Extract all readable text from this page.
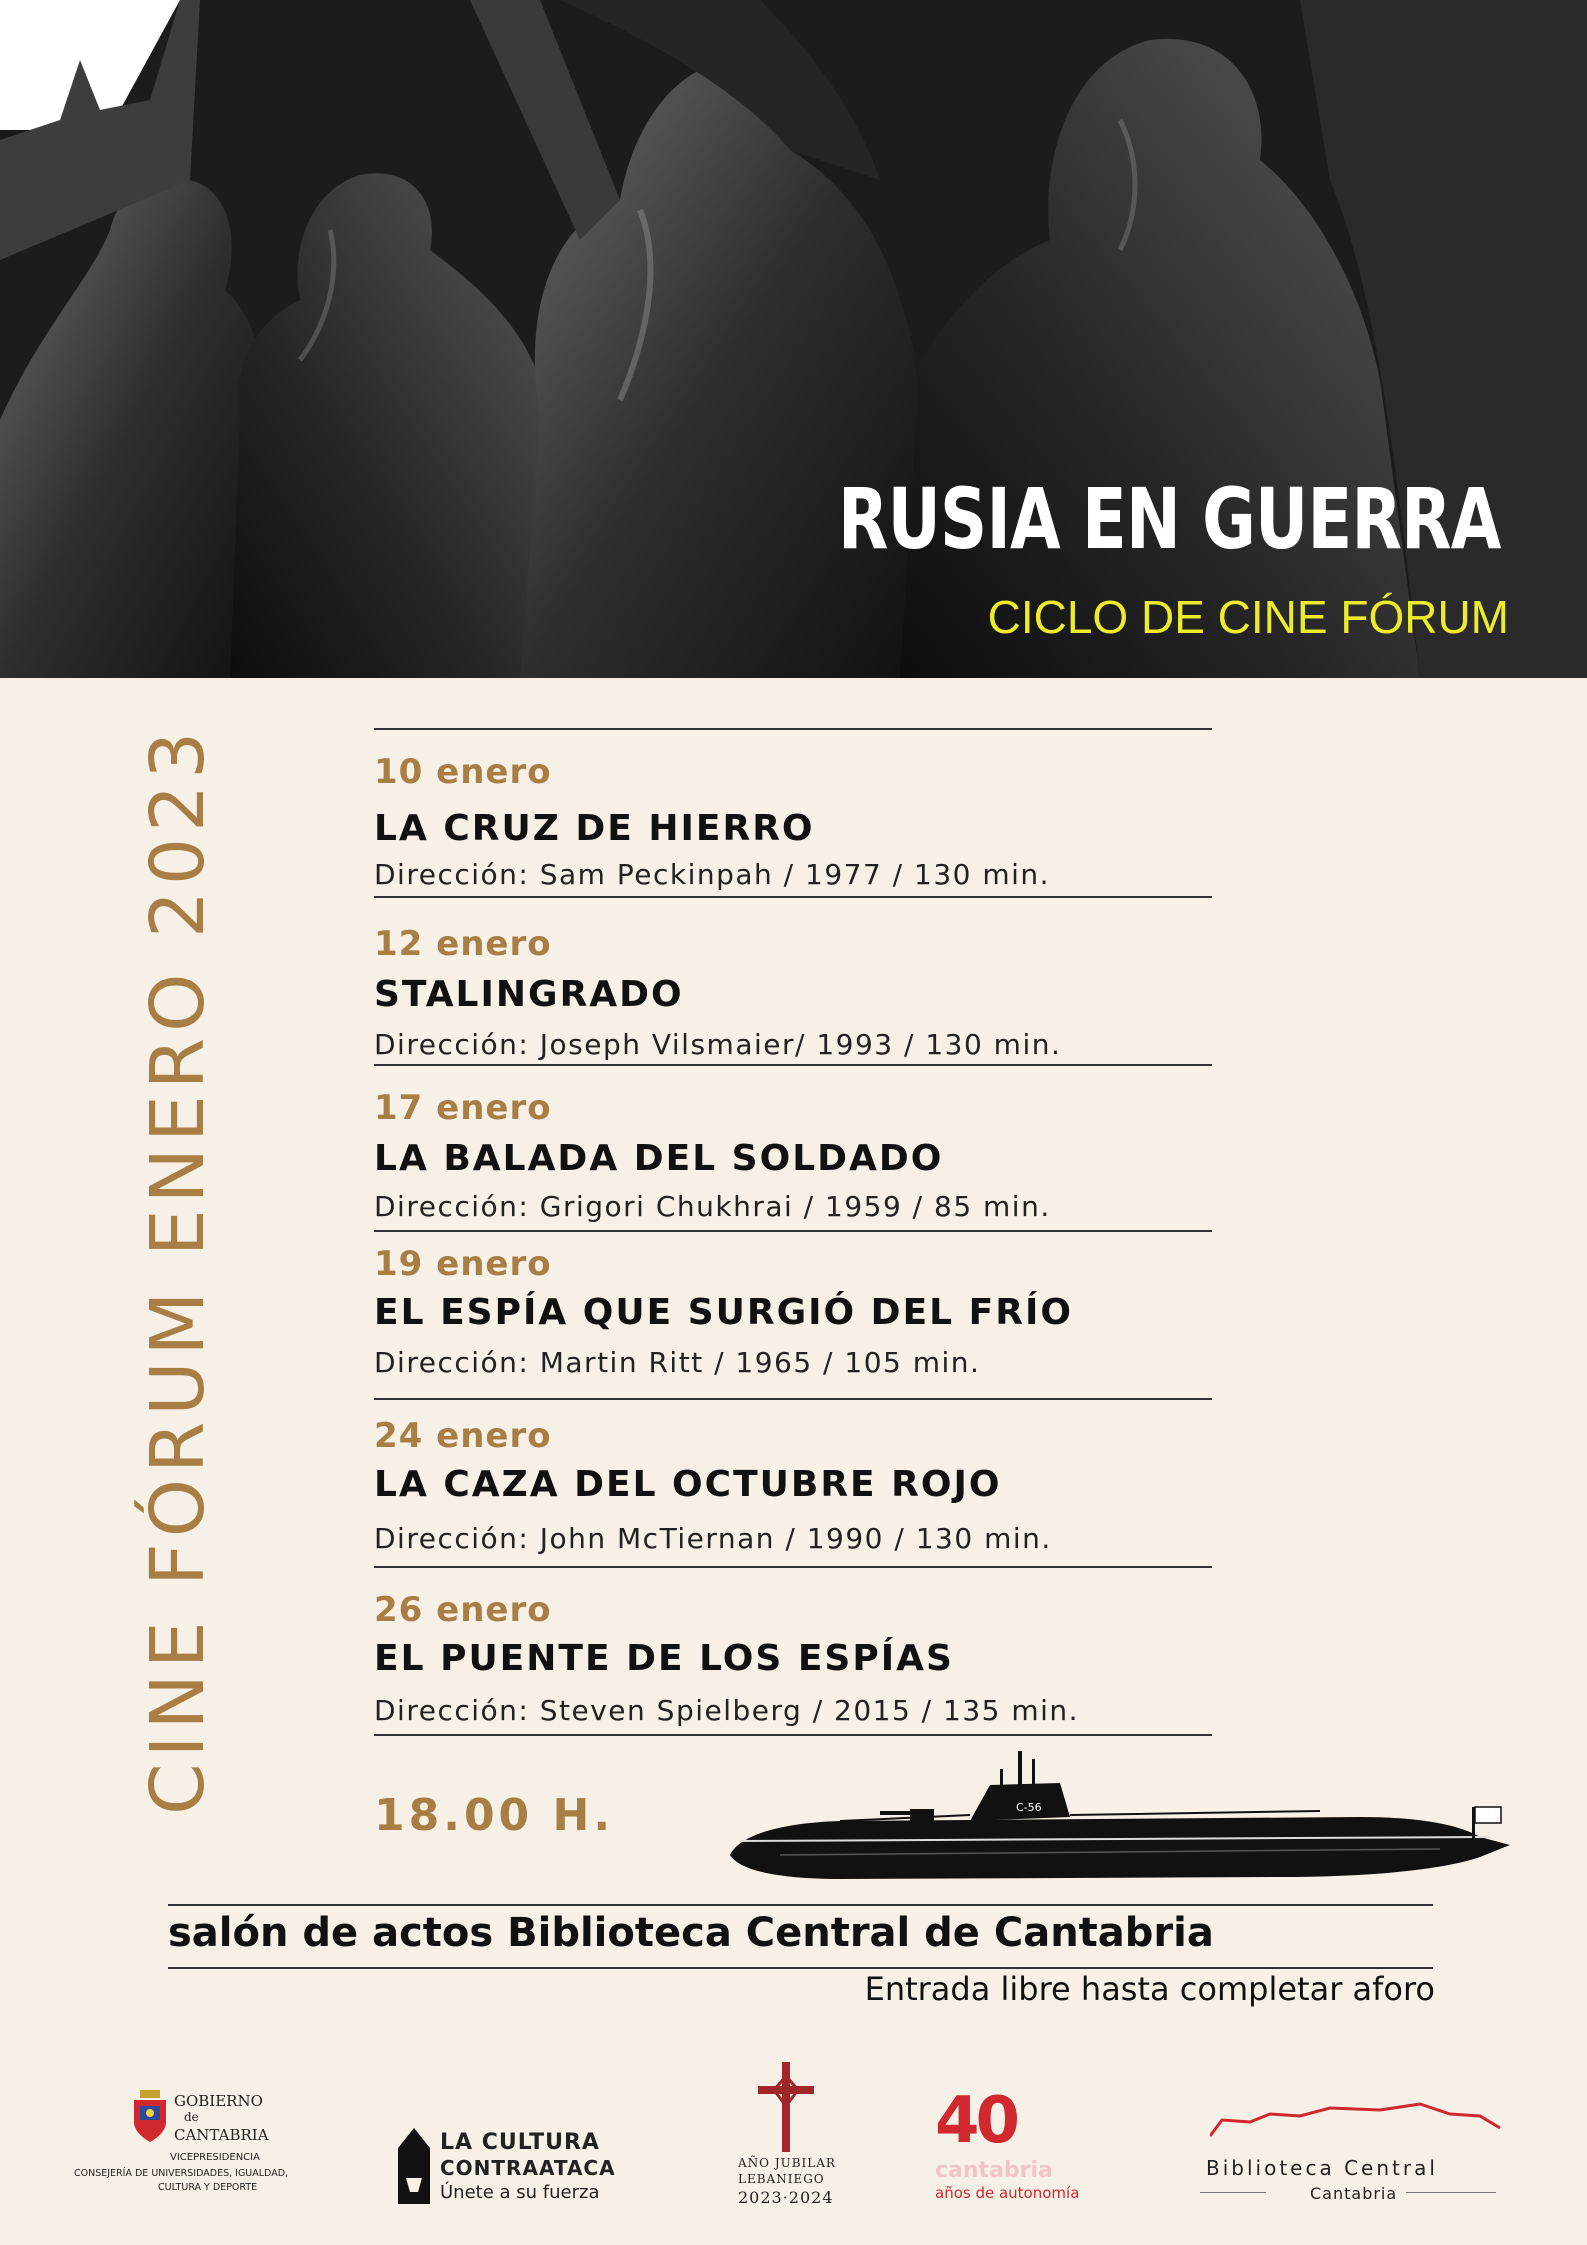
RUSIA EN GUERRA
CICLO DE CINE FÓRUM
CINE FÓRUM ENERO 2023	10 enero
LA CRUZ DE HIERRO
Dirección: Sam Peckinpah / 1977 / 130 min.
12 enero
STALINGRADO
Dirección: Joseph Vilsmaier/ 1993 / 130 min.
17 enero
LA BALADA DEL SOLDADO
Dirección: Grigori Chukhrai / 1959 / 85 min.
19 enero
EL ESPÍA QUE SURGIÓ DEL FRÍO
Dirección: Martin Ritt / 1965 / 105 min.
24 enero
LA CAZA DEL OCTUBRE ROJO
Dirección: John McTiernan / 1990 / 130 min.
26 enero
EL PUENTE DE LOS ESPÍAS
Dirección: Steven Spielberg / 2015 / 135 min.
18.00 H.	C-56
salón de actos Biblioteca Central de Cantabria
Entrada libre hasta completar aforo
GOBIERNO
de
CANTABRIA
VICEPRESIDENCIA
CONSEJERÍA DE UNIVERSIDADES, IGUALDAD,
CULTURA Y DEPORTE
LA CULTURA
CONTRAATACA
Únete a su fuerza
AÑO JUBILAR
LEBANIEGO
2023·2024
40
cantabria
años de autonomía
Biblioteca Central
Cantabria
